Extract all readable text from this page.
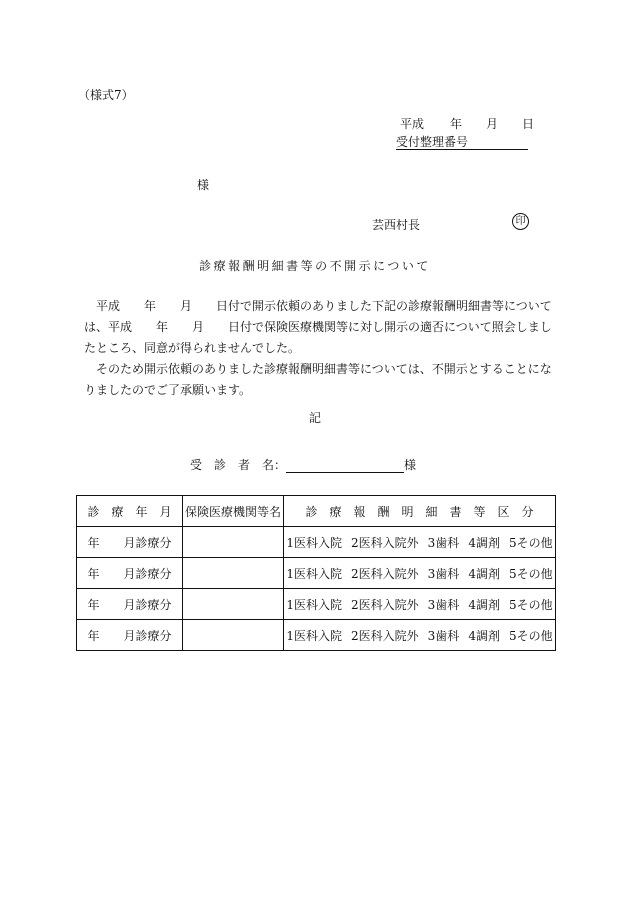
（様式7）
平成 年 月 日
受付整理番号
様
芸西村長	印
診療報酬明細書等の不開示について

　平成　　年　　月　　日付で開示依頼のありました下記の診療報酬明細書等については、平成　　年　　月　　日付で保険医療機関等に対し開示の適否について照会しましたところ、同意が得られませんでした。

　そのため開示依頼のありました診療報酬明細書等については、不開示とすることになりましたのでご了承願います。

記
受　診　者　名：	様
診　療　年　月	保険医療機関等名	診　療　報　酬　明　細　書　等　区　分
年　　月診療分		1医科入院 2医科入院外 3歯科 4調剤 5その他
年　　月診療分		1医科入院 2医科入院外 3歯科 4調剤 5その他
年　　月診療分		1医科入院 2医科入院外 3歯科 4調剤 5その他
年　　月診療分		1医科入院 2医科入院外 3歯科 4調剤 5その他
